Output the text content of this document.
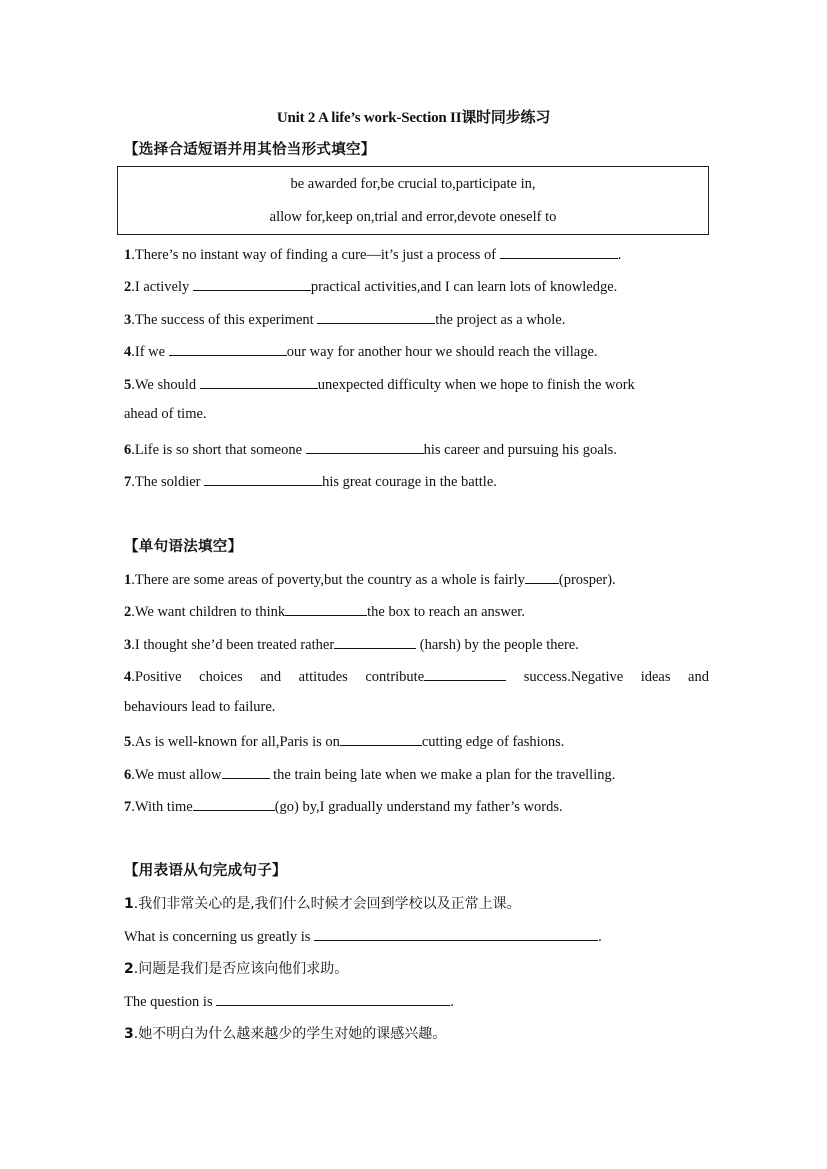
Unit 2 A life’s work-Section II课时同步练习
【选择合适短语并用其恰当形式填空】
be awarded for,be crucial to,participate in,
allow for,keep on,trial and error,devote oneself to
1.There’s no instant way of finding a cure—it’s just a process of	.
2.I actively	practical activities,and I can learn lots of knowledge.
3.The success of this experiment	the project as a whole.
4.If we	our way for another hour we should reach the village.
5.We should	unexpected difficulty when we hope to finish the work
ahead of time.
6.Life is so short that someone	his career and pursuing his goals.
7.The soldier	his great courage in the battle.
【单句语法填空】
1.There are some areas of poverty,but the country as a whole is fairly (prosper).
2.We want children to think	the box to reach an answer.
3.I thought she’d been treated rather	(harsh) by the people there.
4.Positive choices and attitudes contribute	success.Negative ideas and
behaviours lead to failure.
5.As is well-known for all,Paris is on	cutting edge of fashions.
6.We must allow	the train being late when we make a plan for the travelling.
7.With time	(go) by,I gradually understand my father’s words.
【用表语从句完成句子】
1.我们非常关心的是,我们什么时候才会回到学校以及正常上课。
What is concerning us greatly is	.
2.问题是我们是否应该向他们求助。
The question is	.
3.她不明白为什么越来越少的学生对她的课感兴趣。
